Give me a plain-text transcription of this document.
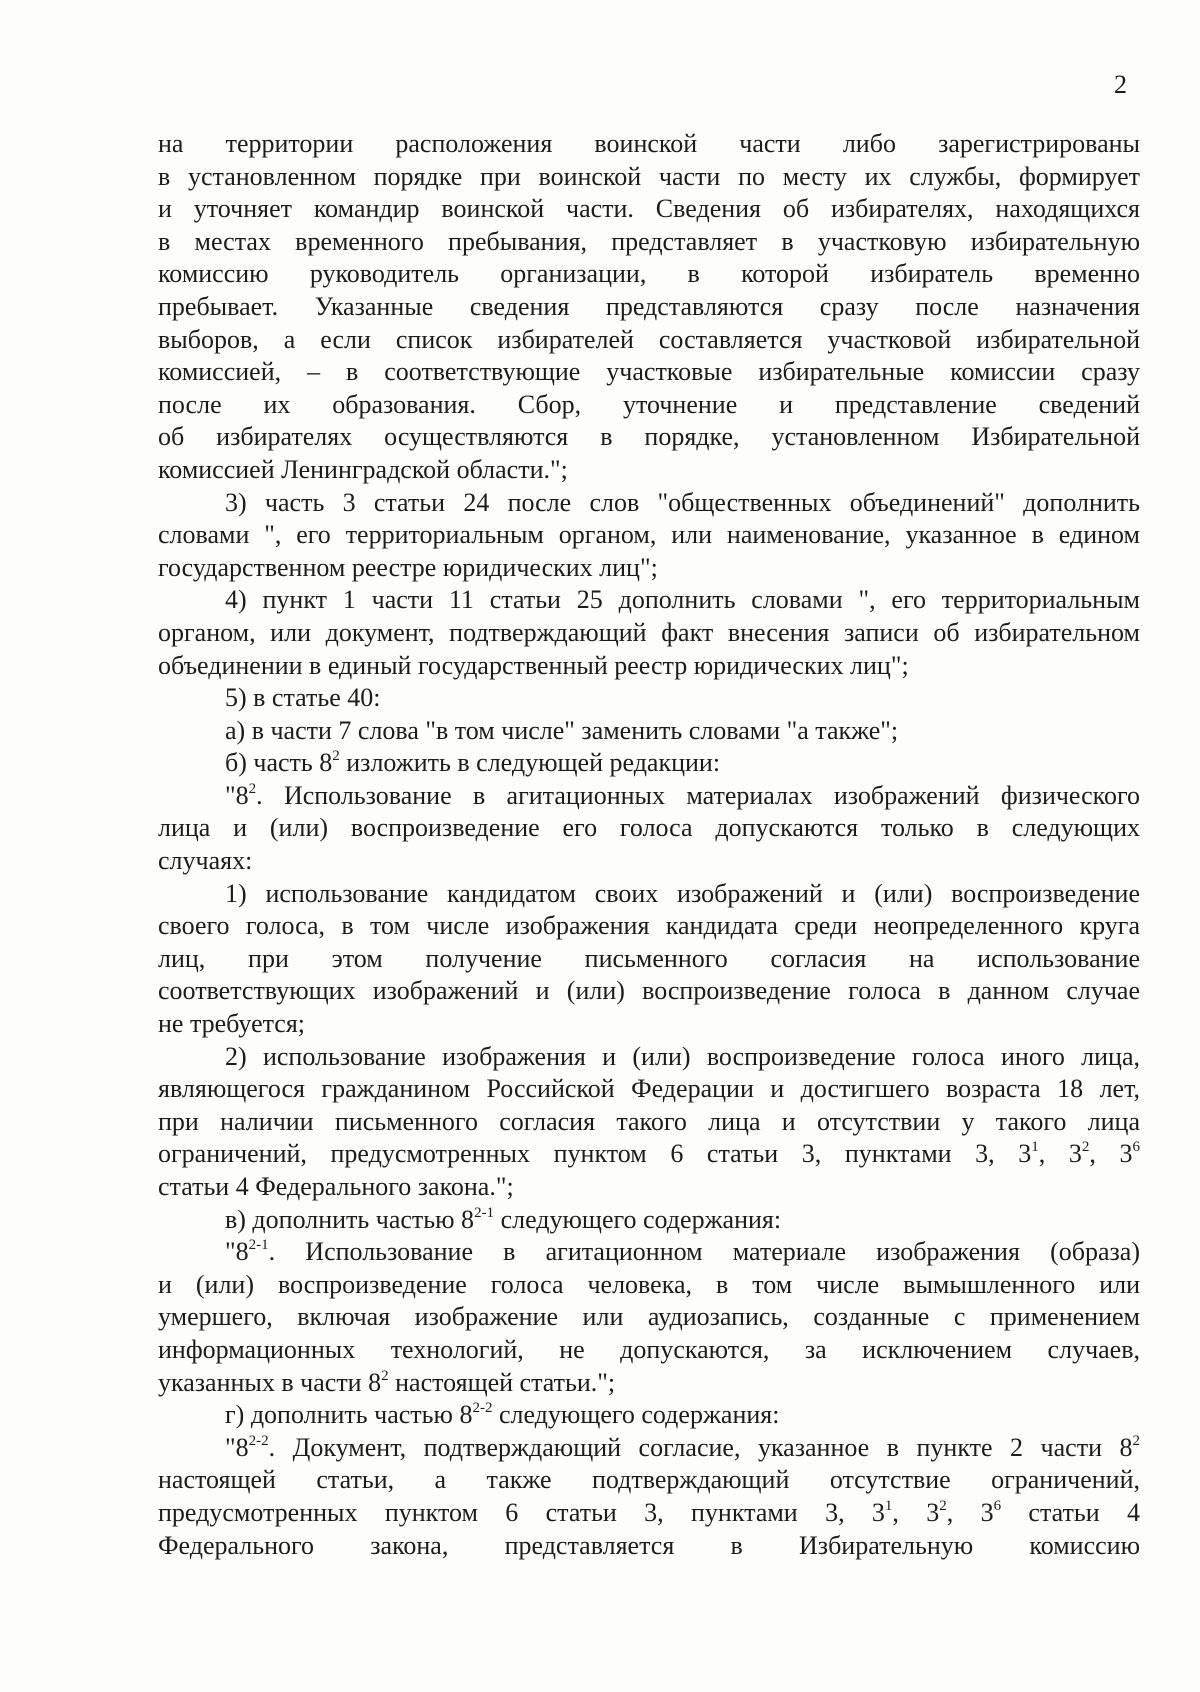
2
на территории расположения воинской части либо зарегистрированы
в установленном порядке при воинской части по месту их службы, формирует
и уточняет командир воинской части. Сведения об избирателях, находящихся
в местах временного пребывания, представляет в участковую избирательную
комиссию руководитель организации, в которой избиратель временно
пребывает. Указанные сведения представляются сразу после назначения
выборов, а если список избирателей составляется участковой избирательной
комиссией, – в соответствующие участковые избирательные комиссии сразу
после их образования. Сбор, уточнение и представление сведений
об избирателях осуществляются в порядке, установленном Избирательной
комиссией Ленинградской области.";
3) часть 3 статьи 24 после слов "общественных объединений" дополнить
словами ", его территориальным органом, или наименование, указанное в едином
государственном реестре юридических лиц";
4) пункт 1 части 11 статьи 25 дополнить словами ", его территориальным
органом, или документ, подтверждающий факт внесения записи об избирательном
объединении в единый государственный реестр юридических лиц";
5) в статье 40:
а) в части 7 слова "в том числе" заменить словами "а также";
б) часть $8^2$ изложить в следующей редакции:
"$8^2$. Использование в агитационных материалах изображений физического
лица и (или) воспроизведение его голоса допускаются только в следующих
случаях:
1) использование кандидатом своих изображений и (или) воспроизведение
своего голоса, в том числе изображения кандидата среди неопределенного круга
лиц, при этом получение письменного согласия на использование
соответствующих изображений и (или) воспроизведение голоса в данном случае
не требуется;
2) использование изображения и (или) воспроизведение голоса иного лица,
являющегося гражданином Российской Федерации и достигшего возраста 18 лет,
при наличии письменного согласия такого лица и отсутствии у такого лица
ограничений, предусмотренных пунктом 6 статьи 3, пунктами 3, $3^1$, $3^2$, $3^6$
статьи 4 Федерального закона.";
в) дополнить частью 8$^{2-1}$ следующего содержания:
"8$^{2-1}$. Использование в агитационном материале изображения (образа)
и (или) воспроизведение голоса человека, в том числе вымышленного или
умершего, включая изображение или аудиозапись, созданные с применением
информационных технологий, не допускаются, за исключением случаев,
указанных в части $8^2$ настоящей статьи.";
г) дополнить частью 8$^{2-2}$ следующего содержания:
"8$^{2-2}$. Документ, подтверждающий согласие, указанное в пункте 2 части $8^2$
настоящей статьи, а также подтверждающий отсутствие ограничений,
предусмотренных пунктом 6 статьи 3, пунктами 3, $3^1$, $3^2$, $3^6$ статьи 4
Федерального закона, представляется в Избирательную комиссию
